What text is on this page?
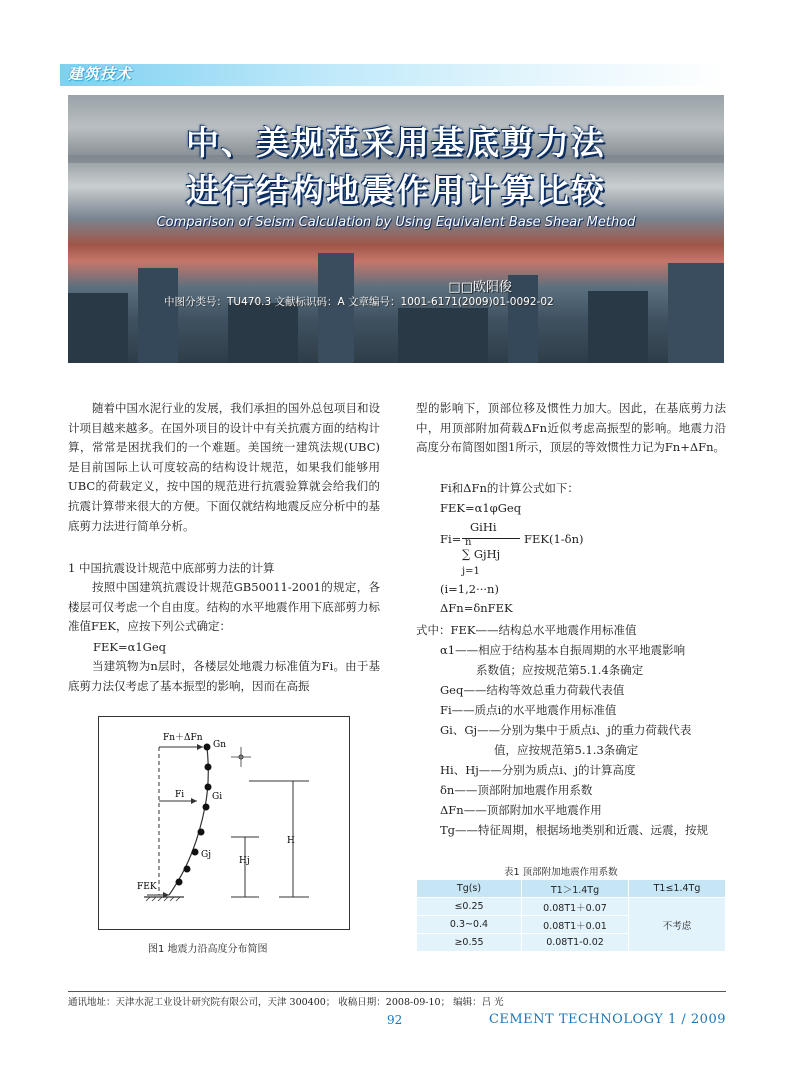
建筑技术
中、美规范采用基底剪力法
进行结构地震作用计算比较
Comparison of Seism Calculation by Using Equivalent Base Shear Method
□□欧阳俊
中图分类号：TU470.3 文献标识码：A 文章编号：1001-6171(2009)01-0092-02

随着中国水泥行业的发展，我们承担的国外总包项目和设计项目越来越多。在国外项目的设计中有关抗震方面的结构计算，常常是困扰我们的一个难题。美国统一建筑法规(UBC)是目前国际上认可度较高的结构设计规范，如果我们能够用UBC的荷载定义，按中国的规范进行抗震验算就会给我们的抗震计算带来很大的方便。下面仅就结构地震反应分析中的基底剪力法进行简单分析。

1 中国抗震设计规范中底部剪力法的计算

按照中国建筑抗震设计规范GB50011-2001的规定，各楼层可仅考虑一个自由度。结构的水平地震作用下底部剪力标准值FEK，应按下列公式确定：

FEK=α1Geq

当建筑物为n层时，各楼层处地震力标准值为Fi。由于基底剪力法仅考虑了基本振型的影响，因而在高振

Fn＋ΔFn
Gn
Fi	Gi
Gj
Hj
H
FEK
图1 地震力沿高度分布简图

型的影响下，顶部位移及惯性力加大。因此，在基底剪力法中，用顶部附加荷载ΔFn近似考虑高振型的影响。地震力沿高度分布简图如图1所示，顶层的等效惯性力记为Fn+ΔFn。

Fi和ΔFn的计算公式如下：
FEK=α1φGeq
Fi=
GiHi
n
∑ GjHj
j=1
FEK(1-δn)
(i=1,2···n)
ΔFn=δnFEK
式中：FEK——结构总水平地震作用标准值
α1——相应于结构基本自振周期的水平地震影响
系数值；应按规范第5.1.4条确定
Geq——结构等效总重力荷载代表值
Fi——质点i的水平地震作用标准值
Gi、Gj——分别为集中于质点i、j的重力荷载代表
值，应按规范第5.1.3条确定
Hi、Hj——分别为质点i、j的计算高度
δn——顶部附加地震作用系数
ΔFn——顶部附加水平地震作用
Tg——特征周期，根据场地类别和近震、远震，按规
表1 顶部附加地震作用系数
Tg(s)	T1＞1.4Tg	T1≤1.4Tg
≤0.25	0.08T1＋0.07	不考虑
0.3~0.4	0.08T1＋0.01	
≥0.55	0.08T1-0.02	
通讯地址：天津水泥工业设计研究院有限公司，天津 300400； 收稿日期：2008-09-10； 编辑：吕 光
92	CEMENT TECHNOLOGY 1 / 2009
